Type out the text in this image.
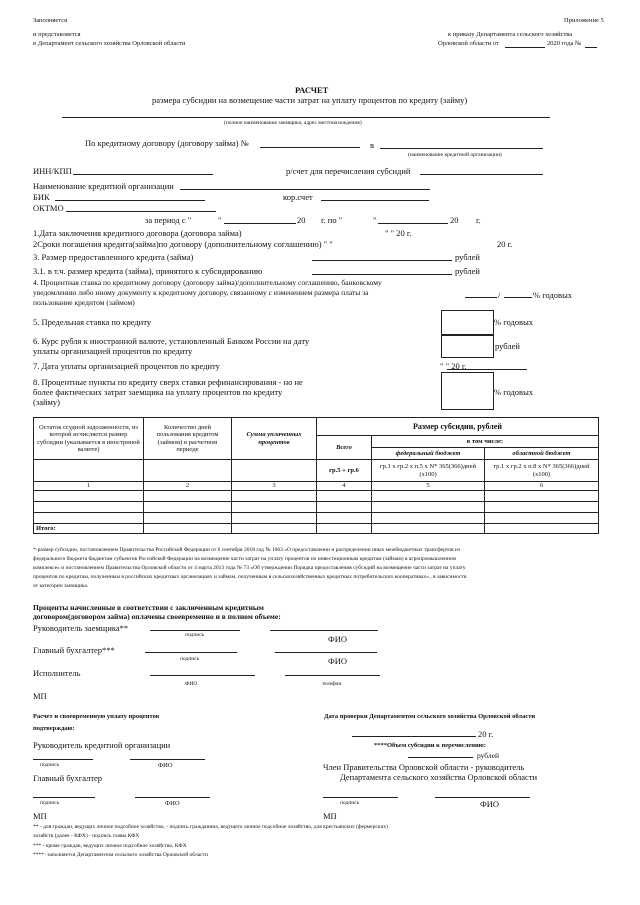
Заполняется
и представляется
в Департамент сельского хозяйства Орловской области
Приложение 5
к приказу Департамента сельского хозяйства
Орловской области от	2020 года №
РАСЧЕТ
размера субсидии на возмещение части затрат на уплату процентов по кредиту (займу)
(полное наименование заемщика, адрес местонахождения)
По кредитному договору (договору займа) №	в
(наименование кредитной организации)
ИНН/КПП	р/счет для перечисления субсидий
Наименование кредитной организации
БИК	кор.счет
ОКТМО
за период с "	"	20 г. по "	"	20 г.
1.Дата заключения кредитного договора (договора займа)	" " 20 г.
2Сроки погашения кредита(займа)по договору (дополнительному соглашению) " "	20 г.
3. Размер предоставленного кредита (займа)	рублей
3.1. в т.ч. размер кредита (займа), принятого к субсидированию	рублей
4. Процентная ставка по кредитному договору (договору займа)/дополнительному соглашению, банковскому
уведомлению либо иному документу к кредитному договору, связанному с изменением размера платы за
пользование кредитом (займом)
/	% годовых
5. Предельная ставка по кредиту	% годовых
6. Курс рубля к иностранной валюте, установленный Банком России на дату
уплаты организацией процентов по кредиту	рублей
7. Дата уплаты организацией процентов по кредиту	" " 20 г.
8. Процентные пункты по кредиту сверх ставки рефинансирования - но не
более фактических затрат заемщика на уплату процентов по кредиту
(займу)
% годовых
Остаток ссудной задолженности, из которой исчисляется размер субсидии (указывается в инострнной валюте)	Количество дней пользования кредитом (займом) в расчетном периоде	Сумма уплаченных процентов	Размер субсидии, рублей		
			Всего	в том числе:	
				федеральный бюджет	областной бюджет
			гр.5 + гр.6	гр.1 х гр.2 х п.5 х N* 365(366)дней (х100)	гр.1 х гр.2 х п.8 х N* 365(366)дней (х100)
1	2	3	4	5	6

Итого:					
*-размер субсидии, постановлением Правительства Российской Федерации от 6 сентября 2018 год № 1063 «О предоставлении и распределении иных межбюджетных трансфертов из
федерального бюджета бюджетам субъектов Российской Федерации на возмещение части затрат на уплату процентов по инвестиционным кредитам (займам) в агропромышленном
комплексе» и постановлением Правительства Орловской области от 4 марта 2013 года № 73 «Об утверждении Порядка предоставления субсидий на возмещение части затрат на уплату
процентов по кредитам, полученным в российских кредитных организациях и займам, полученным в сельскохозяйственных кредитных потребительских кооперативах» , в зависимости
от категории заемщика.
Проценты начисленные в соответствии с заключенным кредитным
договором(договором займа) оплачены своевременно и в полном объеме:
Руководитель заемщика**
подпись	ФИО
Главный бухгалтер***
подпись	ФИО
Исполнитель
ФИО	телефон
МП
Расчет и своевременную уплату процентов
подтверждаю:
Дата проверки Департаментом сельского хозяйства Орловской области
20 г.
****Объем субсидии к перечислению:
рублей
Руководитель кредитной организации
подпись	ФИО	Член Правительства Орловской области - руководитель
Департамента сельского хозяйства Орловской области
Главный бухгалтер
подпись	ФИО	подпись	ФИО
МП	МП
** - для граждан, ведущих личное подсобное хозяйство, - подпись гражданина, ведущего личное подсобное хозяйство, для крестьянских (фермерских)
хозяйств (далее - КФХ) - подпись главы КФХ
*** - кроме граждан, ведущих личное подсобное хозяйство, КФХ
****- заполняется Департаментом сельского хозяйства Орловской области
